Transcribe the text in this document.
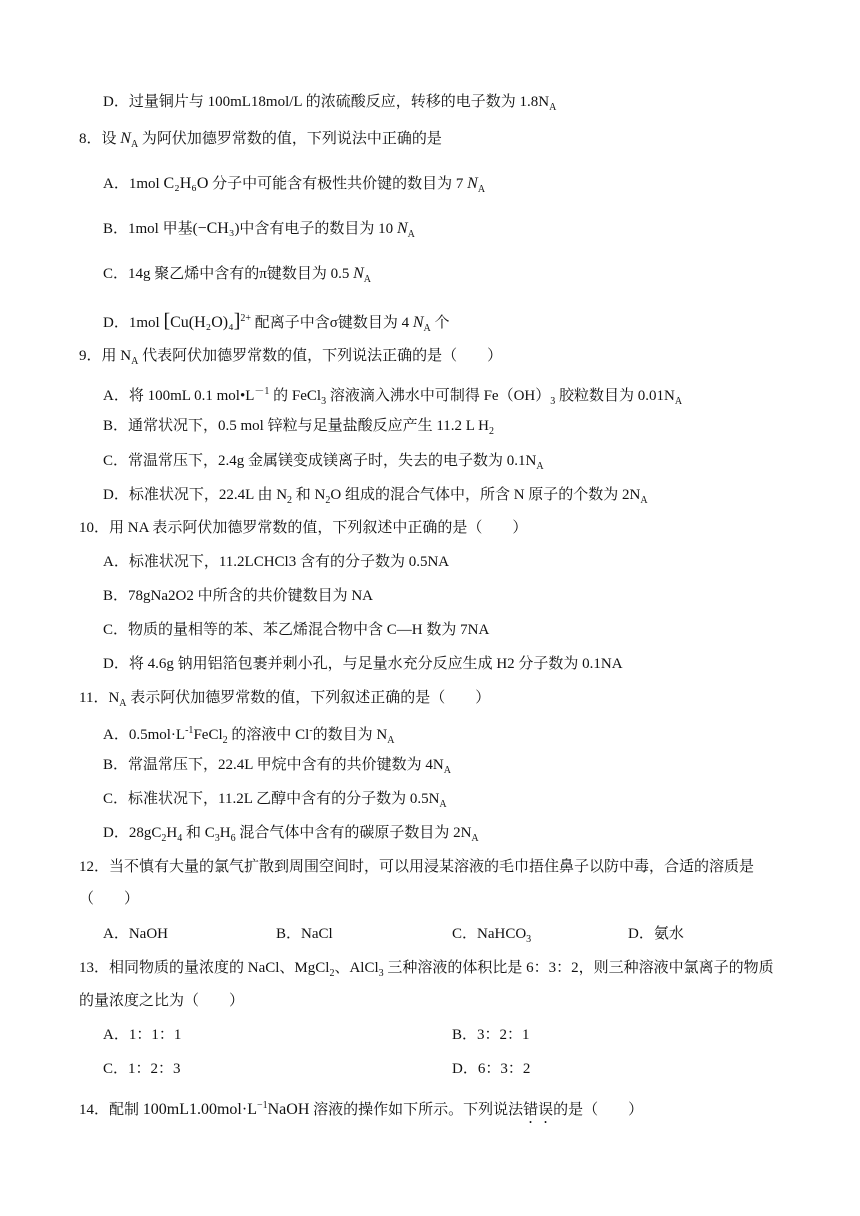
D．过量铜片与 100mL18mol/L 的浓硫酸反应，转移的电子数为 $1.8N_A$
8．设 $N_A$ 为阿伏加德罗常数的值，下列说法中正确的是
A．1mol C₂H₆O 分子中可能含有极性共价键的数目为 7 $N_A$
B．1mol 甲基(−CH₃)中含有电子的数目为 10 $N_A$
C．14g 聚乙烯中含有的π键数目为 0.5 $N_A$
D．1mol $[Cu(H_2O)_4]^{2+}$ 配离子中含σ键数目为 4 $N_A$ 个
9．用 $N_A$ 代表阿伏加德罗常数的值，下列说法正确的是（　　）
A．将 100mL 0.1 $mol•L^{-1}$ 的 FeCl$_3$ 溶液滴入沸水中可制得 $Fe(OH)_3$ 胶粒数目为 $0.01N_A$
B．通常状况下，0.5 mol 锌粒与足量盐酸反应产生 11.2 L $H_2$
C．常温常压下，2.4g 金属镁变成镁离子时，失去的电子数为 $0.1N_A$
D．标准状况下，22.4L 由 $N_2$ 和 $N_2O$ 组成的混合气体中，所含 N 原子的个数为 $2N_A$
10．用 NA 表示阿伏加德罗常数的值，下列叙述中正确的是（　　）
A．标准状况下，11.2LCHCl3 含有的分子数为 0.5NA
B．78gNa2O2 中所含的共价键数目为 NA
C．物质的量相等的苯、苯乙烯混合物中含 C—H 数为 7NA
D．将 4.6g 钠用铝箔包裹并刺小孔，与足量水充分反应生成 H2 分子数为 0.1NA
11．$N_A$ 表示阿伏加德罗常数的值，下列叙述正确的是（　　）
A．$0.5mol\cdot L^{-1}FeCl_2$ 的溶液中 Cl-的数目为 $N_A$
B．常温常压下，22.4L 甲烷中含有的共价键数为 $4N_A$
C．标准状况下，11.2L 乙醇中含有的分子数为 $0.5N_A$
D．$28gC_2H_4$ 和 $C_3H_6$ 混合气体中含有的碳原子数目为 $2N_A$
12．当不慎有大量的氯气扩散到周围空间时，可以用浸某溶液的毛巾捂住鼻子以防中毒，合适的溶质是
（　　）
A．NaOH	B．NaCl	C．NaHCO$_3$	D．氨水
13．相同物质的量浓度的 NaCl、MgCl$_2$、AlCl$_3$ 三种溶液的体积比是 6：3：2，则三种溶液中氯离子的物质
的量浓度之比为（　　）
A．1：1：1	B．3：2：1
C．1：2：3	D．6：3：2
14．配制 $100mL1.00mol\cdot L^{-1}NaOH$ 溶液的操作如下所示。下列说法错误的是（　　）
